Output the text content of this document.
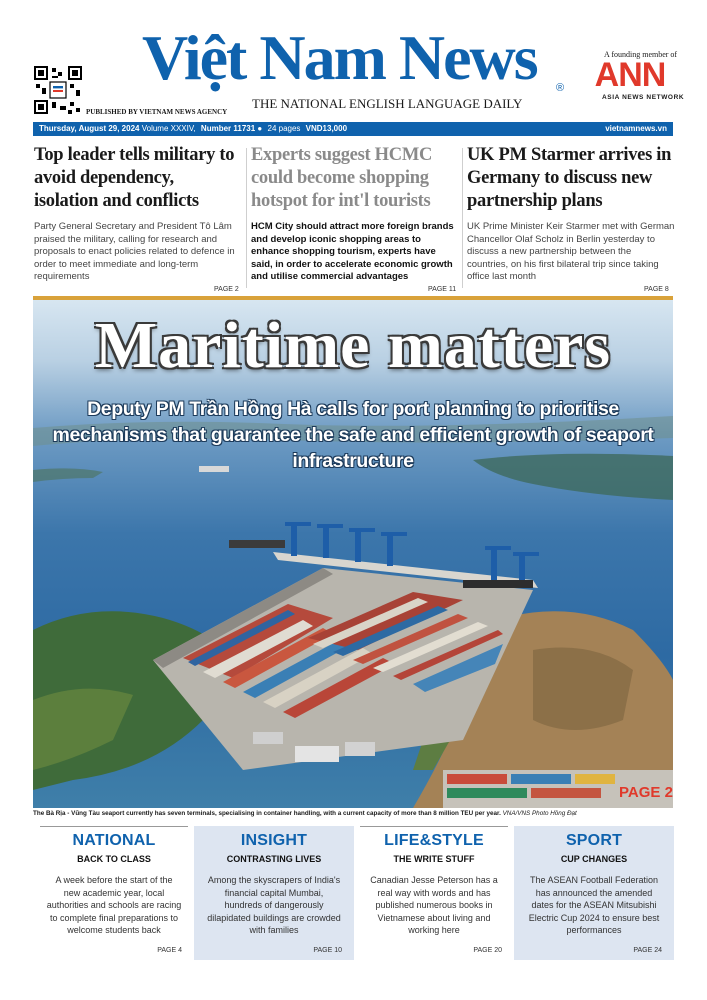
Việt Nam News	®
THE NATIONAL ENGLISH LANGUAGE DAILY
PUBLISHED BY VIETNAM NEWS AGENCY
A founding member of
ANN
ASIA NEWS NETWORK
Thursday, August 29, 2024 Volume XXXIV, Number 11731 ● 24 pages VND13,000	vietnamnews.vn
Top leader tells military to avoid dependency, isolation and conflicts

Party General Secretary and President Tô Lâm praised the military, calling for research and proposals to enact policies related to defence in order to meet immediate and long-term requirements

PAGE 2
Experts suggest HCMC could become shopping hotspot for int'l tourists

HCM City should attract more foreign brands and develop iconic shopping areas to enhance shopping tourism, experts have said, in order to accelerate economic growth and utilise commercial advantages

PAGE 11
UK PM Starmer arrives in Germany to discuss new partnership plans

UK Prime Minister Keir Starmer met with German Chancellor Olaf Scholz in Berlin yesterday to discuss a new partnership between the countries, on his first bilateral trip since taking office last month

PAGE 8
Maritime matters
Deputy PM Trần Hồng Hà calls for port planning to prioritise mechanisms that guarantee the safe and efficient growth of seaport infrastructure
PAGE 2
The Bà Rịa - Vũng Tàu seaport currently has seven terminals, specialising in container handling, with a current capacity of more than 8 million TEU per year. VNA/VNS Photo Hồng Đạt
NATIONAL
BACK TO CLASS
A week before the start of the new academic year, local authorities and schools are racing to complete final preparations to welcome students back
PAGE 4
INSIGHT
CONTRASTING LIVES
Among the skyscrapers of India's financial capital Mumbai, hundreds of dangerously dilapidated buildings are crowded with families
PAGE 10
LIFE&STYLE
THE WRITE STUFF
Canadian Jesse Peterson has a real way with words and has published numerous books in Vietnamese about living and working here
PAGE 20
SPORT
CUP CHANGES
The ASEAN Football Federation has announced the amended dates for the ASEAN Mitsubishi Electric Cup 2024 to ensure best performances
PAGE 24
